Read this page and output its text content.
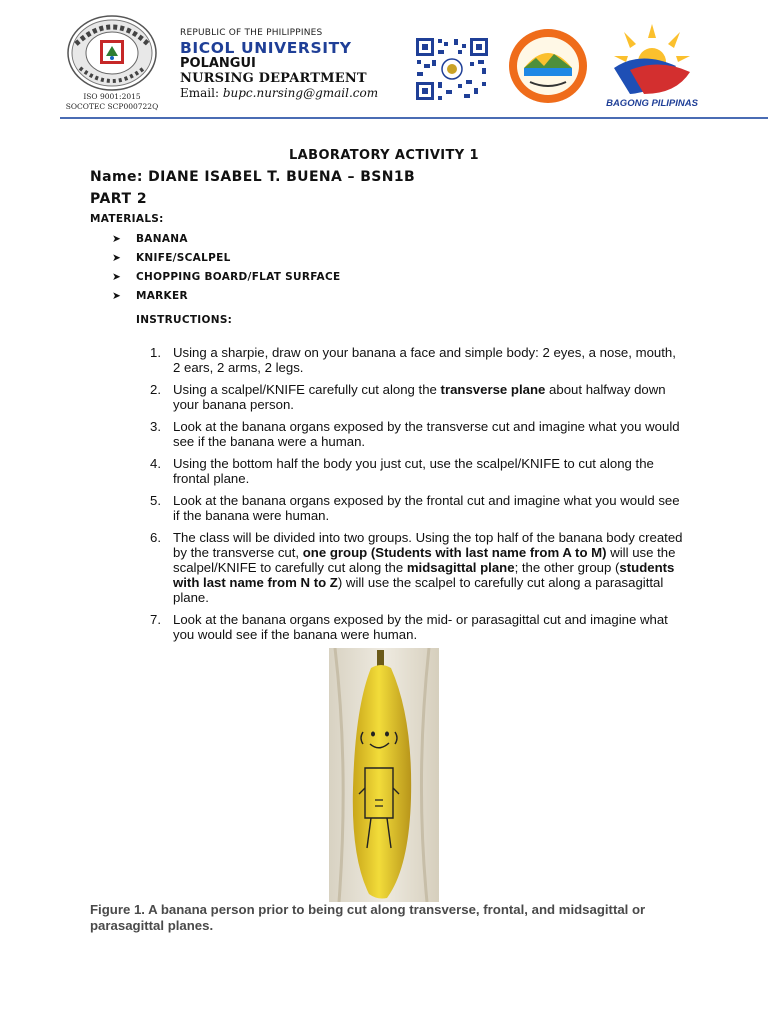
ISO 9001:2015
SOCOTEC SCP000722Q
REPUBLIC OF THE PHILIPPINES
BICOL UNIVERSITY
POLANGUI
NURSING DEPARTMENT
Email: bupc.nursing@gmail.com
BAGONG PILIPINAS
LABORATORY ACTIVITY 1
Name: DIANE ISABEL T. BUENA – BSN1B
PART 2
MATERIALS:
➤ BANANA
➤ KNIFE/SCALPEL
➤ CHOPPING BOARD/FLAT SURFACE
➤ MARKER
INSTRUCTIONS:
1. Using a sharpie, draw on your banana a face and simple body: 2 eyes, a nose, mouth, 2 ears, 2 arms, 2 legs.
2. Using a scalpel/KNIFE carefully cut along the transverse plane about halfway down your banana person.
3. Look at the banana organs exposed by the transverse cut and imagine what you would see if the banana were a human.
4. Using the bottom half the body you just cut, use the scalpel/KNIFE to cut along the frontal plane.
5. Look at the banana organs exposed by the frontal cut and imagine what you would see if the banana were human.
6. The class will be divided into two groups. Using the top half of the banana body created by the transverse cut, one group (Students with last name from A to M) will use the scalpel/KNIFE to carefully cut along the midsagittal plane; the other group (students with last name from N to Z) will use the scalpel to carefully cut along a parasagittal plane.
7. Look at the banana organs exposed by the mid- or parasagittal cut and imagine what you would see if the banana were human.
Figure 1. A banana person prior to being cut along transverse, frontal, and midsagittal or parasagittal planes.
